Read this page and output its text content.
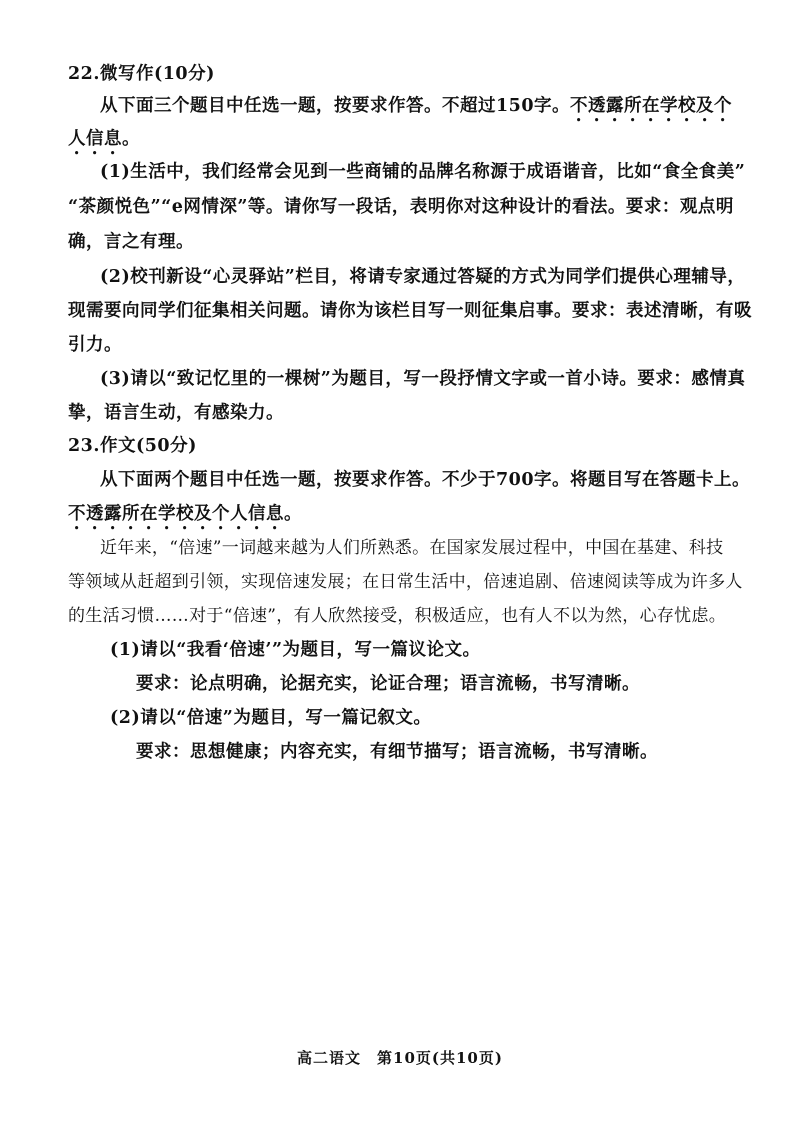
22.微写作(10分)
从下面三个题目中任选一题，按要求作答。不超过150字。不透露所在学校及个
人信息。
(1)生活中，我们经常会见到一些商铺的品牌名称源于成语谐音，比如“食全食美”
“茶颜悦色”“e网情深”等。请你写一段话，表明你对这种设计的看法。要求：观点明
确，言之有理。
(2)校刊新设“心灵驿站”栏目，将请专家通过答疑的方式为同学们提供心理辅导，
现需要向同学们征集相关问题。请你为该栏目写一则征集启事。要求：表述清晰，有吸
引力。
(3)请以“致记忆里的一棵树”为题目，写一段抒情文字或一首小诗。要求：感情真
挚，语言生动，有感染力。
23.作文(50分)
从下面两个题目中任选一题，按要求作答。不少于700字。将题目写在答题卡上。
不透露所在学校及个人信息。
近年来，“倍速”一词越来越为人们所熟悉。在国家发展过程中，中国在基建、科技
等领域从赶超到引领，实现倍速发展；在日常生活中，倍速追剧、倍速阅读等成为许多人
的生活习惯……对于“倍速”，有人欣然接受，积极适应，也有人不以为然，心存忧虑。
(1)请以“我看‘倍速’”为题目，写一篇议论文。
要求：论点明确，论据充实，论证合理；语言流畅，书写清晰。
(2)请以“倍速”为题目，写一篇记叙文。
要求：思想健康；内容充实，有细节描写；语言流畅，书写清晰。
高二语文　第10页(共10页)
